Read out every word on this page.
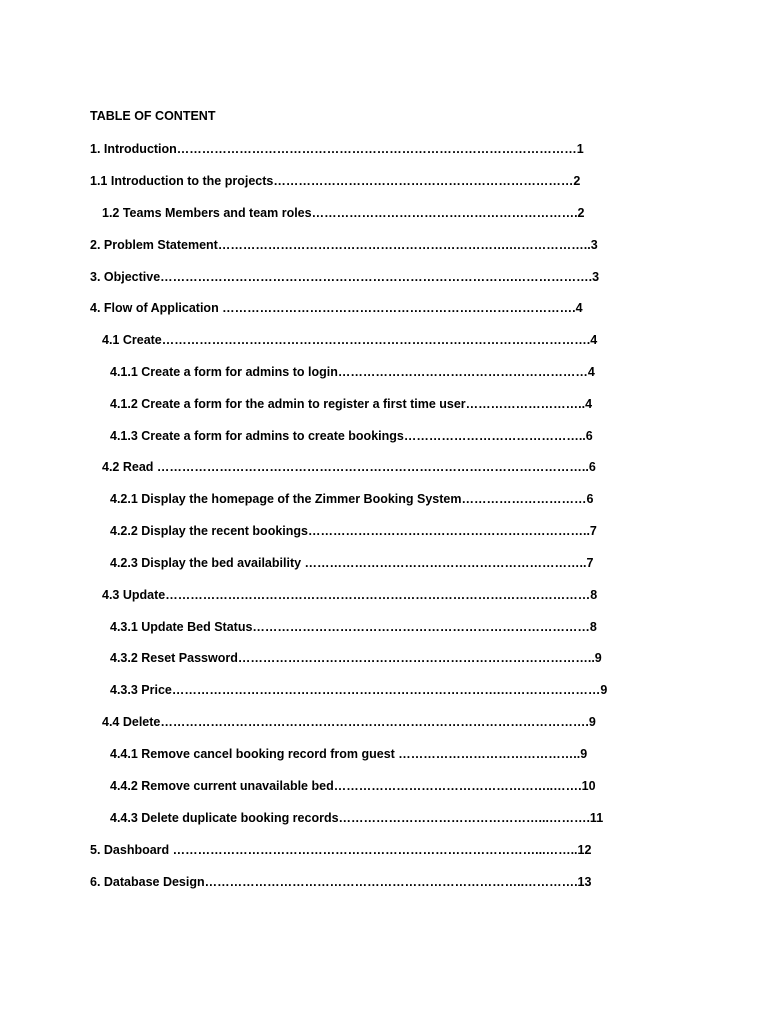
TABLE OF CONTENT
1. Introduction……………………………………………………………………………………1
1.1 Introduction to the projects………………………………………………………………2
1.2 Teams Members and team roles……………………………………………………….2
2. Problem Statement…………………………………………………………….………………..3
3. Objective………………………………………………………………………….……………….3
4. Flow of Application ………………………………………………………………………….4
4.1 Create………………………………………………………………………………………….4
4.1.1 Create a form for admins to login……………………………………………………4
4.1.2 Create a form for the admin to register a first time user………………………..4
4.1.3 Create a form for admins to create bookings……………………………………..6
4.2 Read …………………………………………………………………………………………..6
4.2.1 Display the homepage of the Zimmer Booking System…………………………6
4.2.2 Display the recent bookings…………………………………………………………..7
4.2.3 Display the bed availability …………………………………………………………..7
4.3 Update…………………………………………………………………………………………8
4.3.1 Update Bed Status………………………………………………………………………8
4.3.2 Reset Password…………………………………………………………………………..9
4.3.3 Price…………………………………………………………………….……………………9
4.4 Delete………………………………………………………………………………………….9
4.4.1 Remove cancel booking record from guest ……………………………………..9
4.4.2 Remove current unavailable bed……………………………………………..…….10
4.4.3 Delete duplicate booking records…………………………………………...……….11
5. Dashboard ……………………………………………………………………………...……..12
6. Database Design…………………………………………………………………..………….13
